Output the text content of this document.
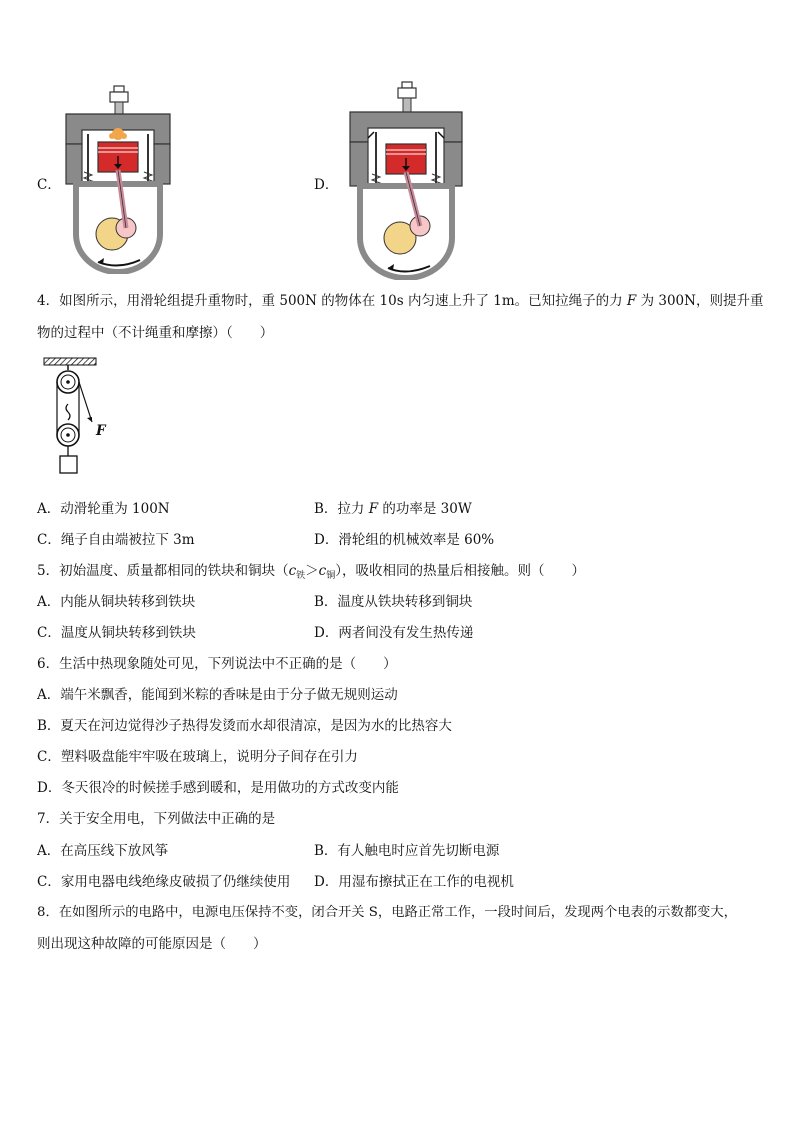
C．	D．
4．如图所示，用滑轮组提升重物时，重 500N 的物体在 10s 内匀速上升了 1m。已知拉绳子的力 F 为 300N，则提升重
物的过程中（不计绳重和摩擦）（　　）
F
A．动滑轮重为 100N	B．拉力 F 的功率是 30W
C．绳子自由端被拉下 3m	D．滑轮组的机械效率是 60%
5．初始温度、质量都相同的铁块和铜块$(c_铁>c_铜)$，吸收相同的热量后相接触。则（　　）
A．内能从铜块转移到铁块	B．温度从铁块转移到铜块
C．温度从铜块转移到铁块	D．两者间没有发生热传递
6．生活中热现象随处可见，下列说法中不正确的是（　　）
A．端午米飘香，能闻到米粽的香味是由于分子做无规则运动
B．夏天在河边觉得沙子热得发烫而水却很清凉，是因为水的比热容大
C．塑料吸盘能牢牢吸在玻璃上，说明分子间存在引力
D．冬天很冷的时候搓手感到暖和，是用做功的方式改变内能
7．关于安全用电，下列做法中正确的是
A．在高压线下放风筝	B．有人触电时应首先切断电源
C．家用电器电线绝缘皮破损了仍继续使用 D．用湿布擦拭正在工作的电视机
8．在如图所示的电路中，电源电压保持不变，闭合开关 S，电路正常工作，一段时间后，发现两个电表的示数都变大，
则出现这种故障的可能原因是（　　）
